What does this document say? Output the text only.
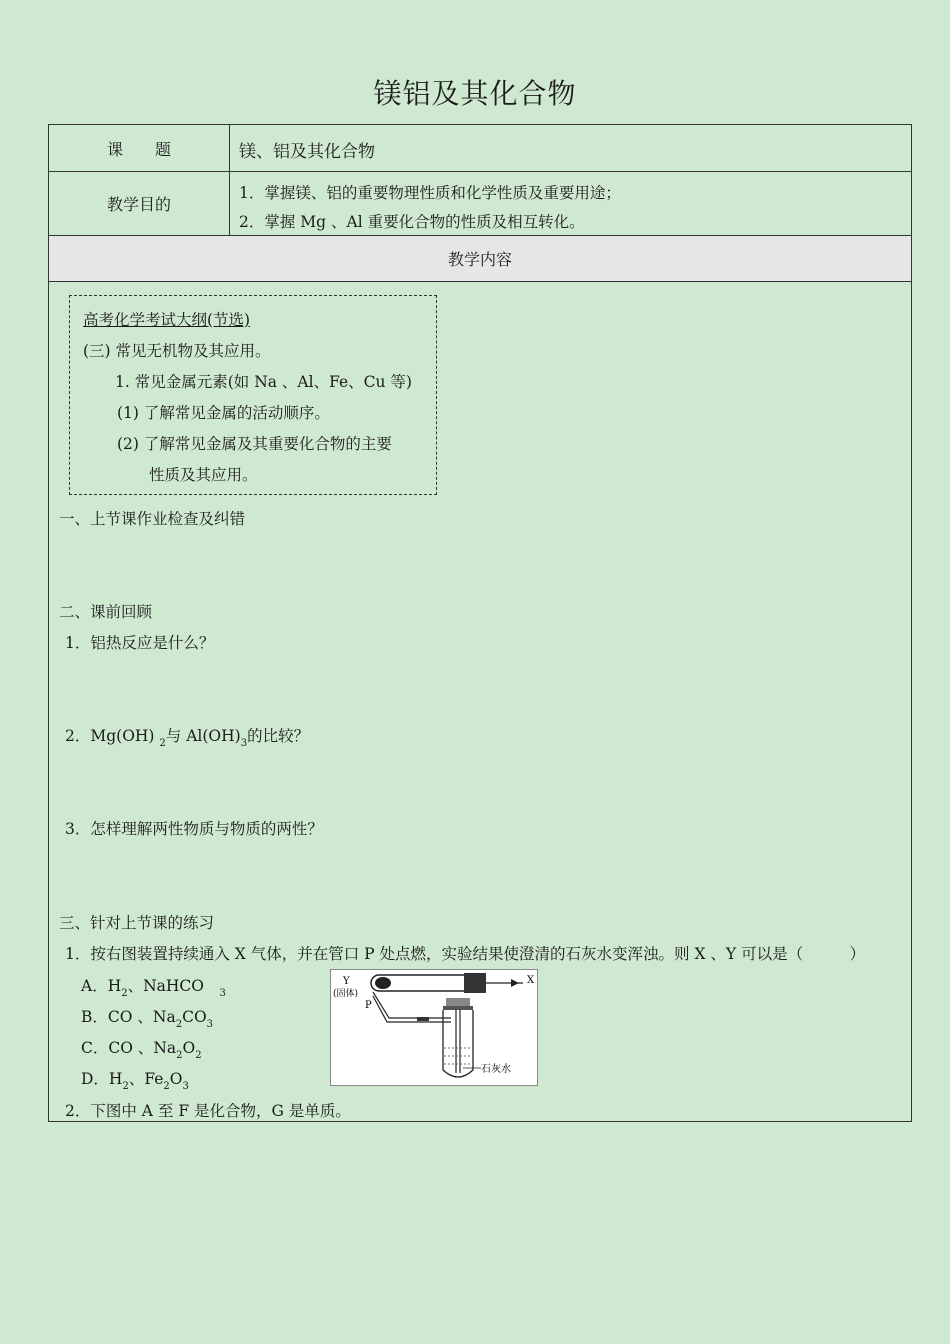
镁铝及其化合物
课　　题	镁、铝及其化合物
教学目的
1．掌握镁、铝的重要物理性质和化学性质及重要用途；
2．掌握 Mg 、Al 重要化合物的性质及相互转化。
教学内容
高考化学考试大纲(节选)
(三) 常见无机物及其应用。
1. 常见金属元素(如 Na 、Al、Fe、Cu 等)
(1) 了解常见金属的活动顺序。
(2) 了解常见金属及其重要化合物的主要
性质及其应用。
一、上节课作业检查及纠错
二、课前回顾
1．铝热反应是什么？
2．Mg(OH) $_2$与 $Al(OH)_3$的比较？
3．怎样理解两性物质与物质的两性？
三、针对上节课的练习
1．按右图装置持续通入 X 气体，并在管口 P 处点燃，实验结果使澄清的石灰水变浑浊。则 X 、Y 可以是（　　　）
A．$H_2$、NaHCO　 $_3$
B．CO 、$Na_2CO_3$
C．CO 、$Na_2O_2$
D．$H_2$、$Fe_2O_3$
2．下图中 A 至 F 是化合物，G 是单质。
Y
(固体)
P
X
石灰水
